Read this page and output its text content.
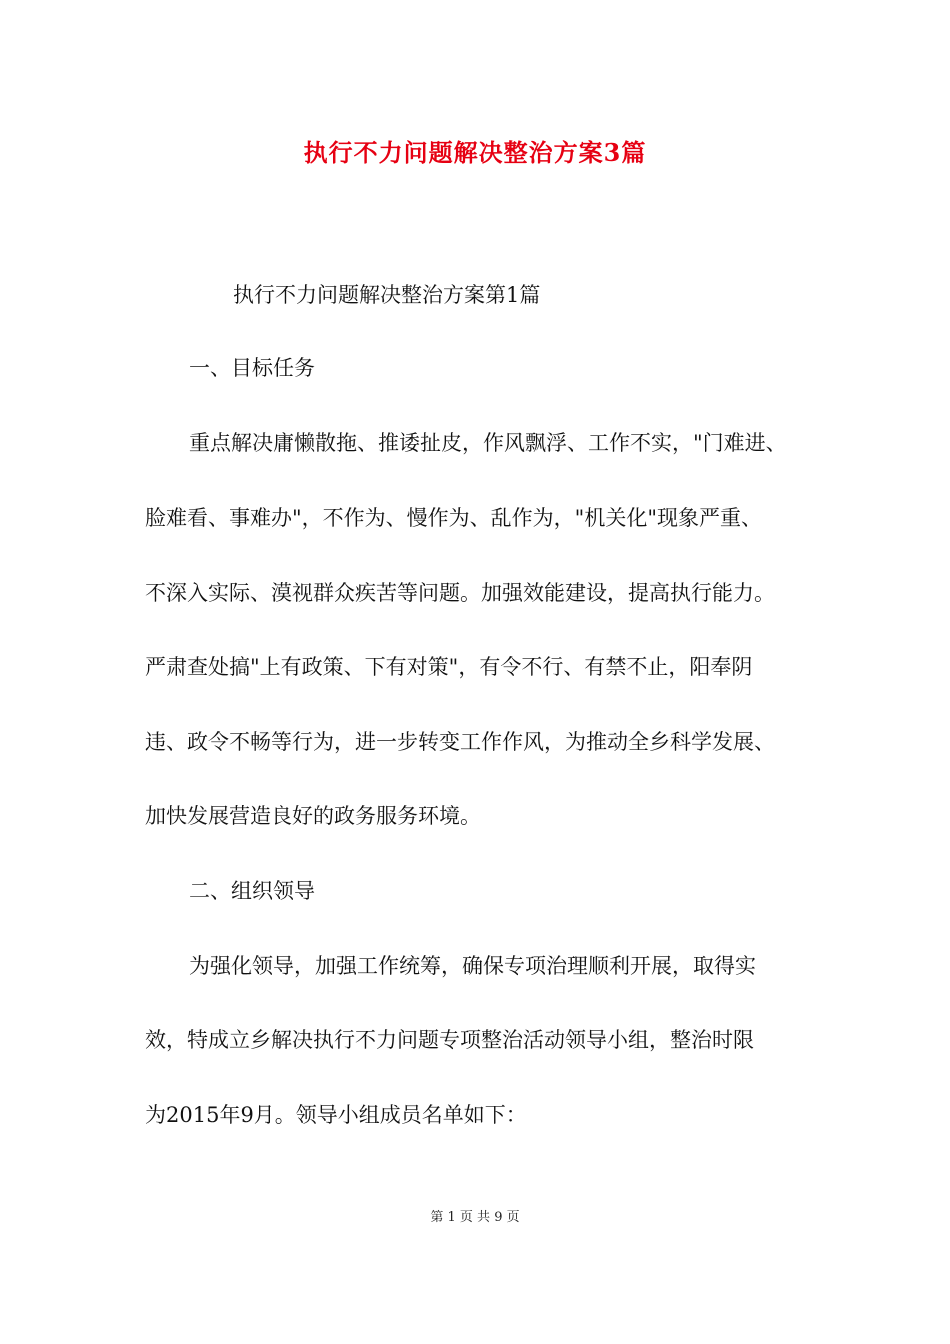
执行不力问题解决整治方案3篇
执行不力问题解决整治方案第1篇
一、目标任务
重点解决庸懒散拖、推诿扯皮，作风飘浮、工作不实，"门难进、
脸难看、事难办"，不作为、慢作为、乱作为，"机关化"现象严重、
不深入实际、漠视群众疾苦等问题。加强效能建设，提高执行能力。
严肃查处搞"上有政策、下有对策"，有令不行、有禁不止，阳奉阴
违、政令不畅等行为，进一步转变工作作风，为推动全乡科学发展、
加快发展营造良好的政务服务环境。
二、组织领导
为强化领导，加强工作统筹，确保专项治理顺利开展，取得实
效，特成立乡解决执行不力问题专项整治活动领导小组，整治时限
为2015年9月。领导小组成员名单如下：
第 1 页 共 9 页
